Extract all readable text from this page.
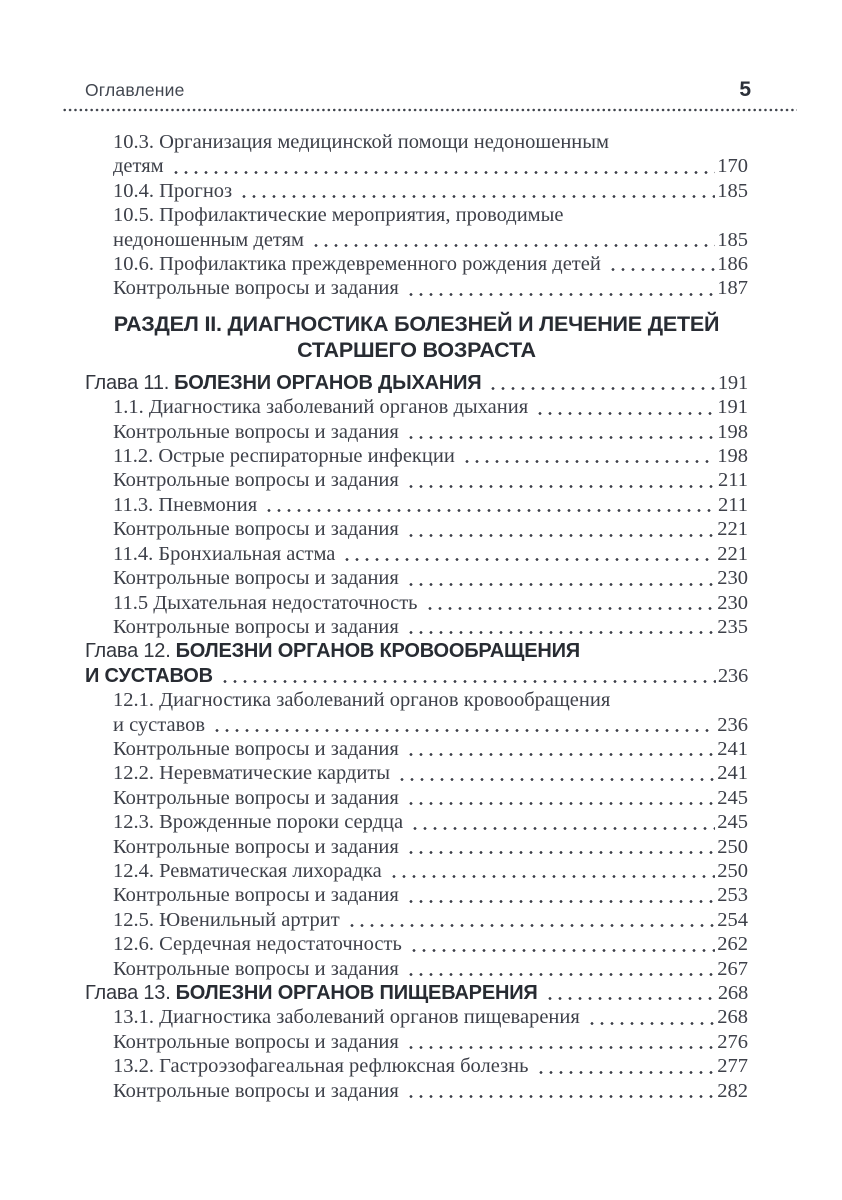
Оглавление	5
10.3. Организация медицинской помощи недоношенным
детям	170
10.4. Прогноз	185
10.5. Профилактические мероприятия, проводимые
недоношенным детям	185
10.6. Профилактика преждевременного рождения детей	186
Контрольные вопросы и задания	187
РАЗДЕЛ II. ДИАГНОСТИКА БОЛЕЗНЕЙ И ЛЕЧЕНИЕ ДЕТЕЙ
СТАРШЕГО ВОЗРАСТА
Глава 11. БОЛЕЗНИ ОРГАНОВ ДЫХАНИЯ	191
1.1. Диагностика заболеваний органов дыхания	191
Контрольные вопросы и задания	198
11.2. Острые респираторные инфекции	198
Контрольные вопросы и задания	211
11.3. Пневмония	211
Контрольные вопросы и задания	221
11.4. Бронхиальная астма	221
Контрольные вопросы и задания	230
11.5 Дыхательная недостаточность	230
Контрольные вопросы и задания	235
Глава 12. БОЛЕЗНИ ОРГАНОВ КРОВООБРАЩЕНИЯ
И СУСТАВОВ	236
12.1. Диагностика заболеваний органов кровообращения
и суставов	236
Контрольные вопросы и задания	241
12.2. Неревматические кардиты	241
Контрольные вопросы и задания	245
12.3. Врожденные пороки сердца	245
Контрольные вопросы и задания	250
12.4. Ревматическая лихорадка	250
Контрольные вопросы и задания	253
12.5. Ювенильный артрит	254
12.6. Сердечная недостаточность	262
Контрольные вопросы и задания	267
Глава 13. БОЛЕЗНИ ОРГАНОВ ПИЩЕВАРЕНИЯ	268
13.1. Диагностика заболеваний органов пищеварения	268
Контрольные вопросы и задания	276
13.2. Гастроэзофагеальная рефлюксная болезнь	277
Контрольные вопросы и задания	282
